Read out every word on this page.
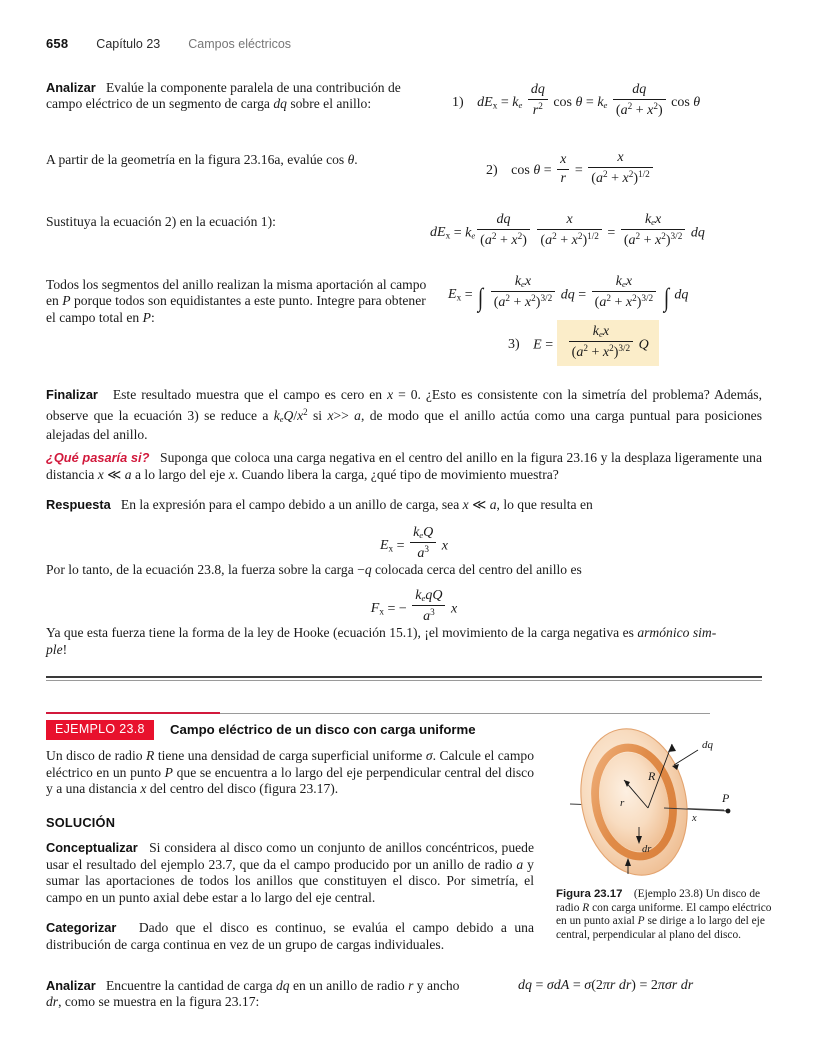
658 Capítulo 23 Campos eléctricos
Analizar   Evalúe la componente paralela de una contribución de campo eléctrico de un segmento de carga dq sobre el anillo:	1) $dE_x$ = ke $\frac{dq}{r^2}$ cos θ = ke $\frac{dq}{(a^2 + x^2)}$ cos θ
A partir de la geometría en la figura 23.16a, evalúe cos θ.
2) $\cos \theta = \frac{x}{r} = \frac{x}{(a^2 + x^2)^{1/2}}$
Sustituya la ecuación 2) en la ecuación 1):
$dE_x$ = ke $\frac{dq}{(a^2 + x^2)}$
$\frac{x}{(a^2 + x^2)^{1/2}} = \frac{\text{kex}}{(a^2 + x^2)^{3/2}}$ dq
Todos los segmentos del anillo realizan la misma aportación al campo en P porque todos son equidistantes a este punto. Integre para obtener el campo total en P:
$E_x$ = ∫ $\frac{\text{kex}}{(a^2 + x^2)^{3/2}}$ dq = $\frac{\text{kex}}{(a^2 + x^2)^{3/2}}$ ∫ dq
3) $E = \frac{\text{kex}}{(a^2 + x^2)^{3/2}}$ Q
Finalizar   Este resultado muestra que el campo es cero en x = 0. ¿Esto es consistente con la simetría del problema? Además, observe que la ecuación 3) se reduce a keQ/$x^2$ si x>> a, de modo que el anillo actúa como una carga puntual para posiciones alejadas del anillo.
¿Qué pasaría si?   Suponga que coloca una carga negativa en el centro del anillo en la figura 23.16 y la desplaza ligeramente una distancia x ≪ a a lo largo del eje x. Cuando libera la carga, ¿qué tipo de movimiento muestra?
Respuesta   En la expresión para el campo debido a un anillo de carga, sea x ≪ a, lo que resulta en
$E_x = \frac{\text{keQ}}{a^3}$ x
Por lo tanto, de la ecuación 23.8, la fuerza sobre la carga −q colocada cerca del centro del anillo es
$F_x$ = − $\frac{\text{keqQ}}{a^3}$ x
Ya que esta fuerza tiene la forma de la ley de Hooke (ecuación 15.1), ¡el movimiento de la carga negativa es armónico sim-
ple!
EJEMPLO 23.8	Campo eléctrico de un disco con carga uniforme
Un disco de radio R tiene una densidad de carga superficial uniforme σ. Calcule el campo eléctrico en un punto P que se encuentra a lo largo del eje perpendicular central del disco y a una distancia x del centro del disco (figura 23.17).
SOLUCIÓN
Conceptualizar   Si considera al disco como un conjunto de anillos concéntricos, puede usar el resultado del ejemplo 23.7, que da el campo producido por un anillo de radio a y sumar las aportaciones de todos los anillos que constituyen el disco. Por simetría, el campo en un punto axial debe estar a lo largo del eje central.
Categorizar   Dado que el disco es continuo, se evalúa el campo debido a una distribución de carga continua en vez de un grupo de cargas individuales.
Analizar   Encuentre la cantidad de carga dq en un anillo de radio r y ancho dr, como se muestra en la figura 23.17:
dq = σdA = σ(2πr dr) = 2πσr dr
dq
R
r
dr
P
x
Figura 23.17    (Ejemplo 23.8) Un disco de radio R con carga uniforme. El campo eléctrico en un punto axial P se dirige a lo largo del eje central, perpendicular al plano del disco.
